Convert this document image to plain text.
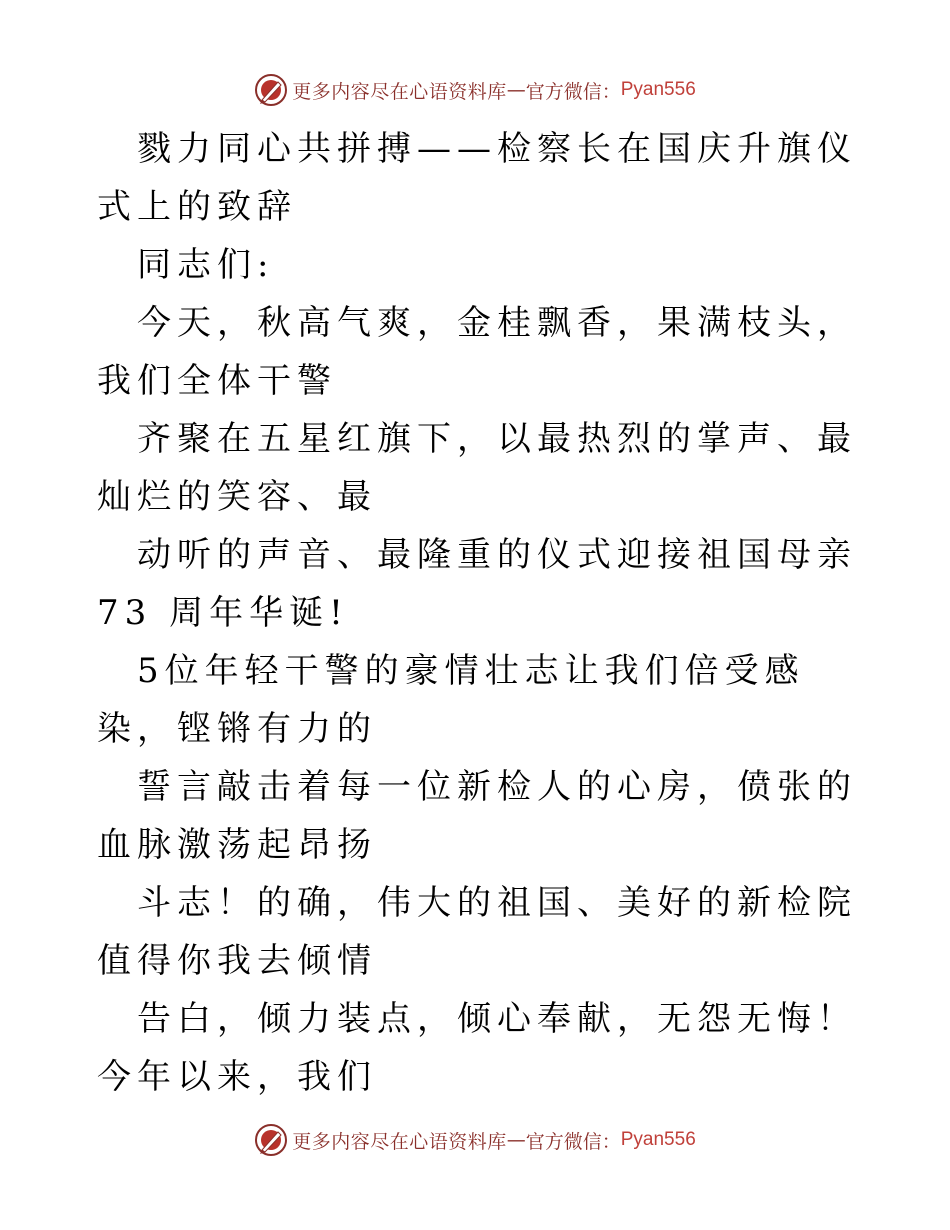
更多内容尽在心语资料库 — 官方微信： Pyan556

戮力同心共拼搏——检察长在国庆升旗仪式上的致辞

同志们:

今天，秋高气爽，金桂飘香，果满枝头，我们全体干警

齐聚在五星红旗下，以最热烈的掌声、最灿烂的笑容、最

动听的声音、最隆重的仪式迎接祖国母亲 73 周年华诞!

5位年轻干警的豪情壮志让我们倍受感染，铿锵有力的

誓言敲击着每一位新检人的心房，偾张的血脉激荡起昂扬

斗志！的确，伟大的祖国、美好的新检院值得你我去倾情

告白，倾力装点，倾心奉献，无怨无悔！今年以来，我们

更多内容尽在心语资料库 — 官方微信： Pyan556
